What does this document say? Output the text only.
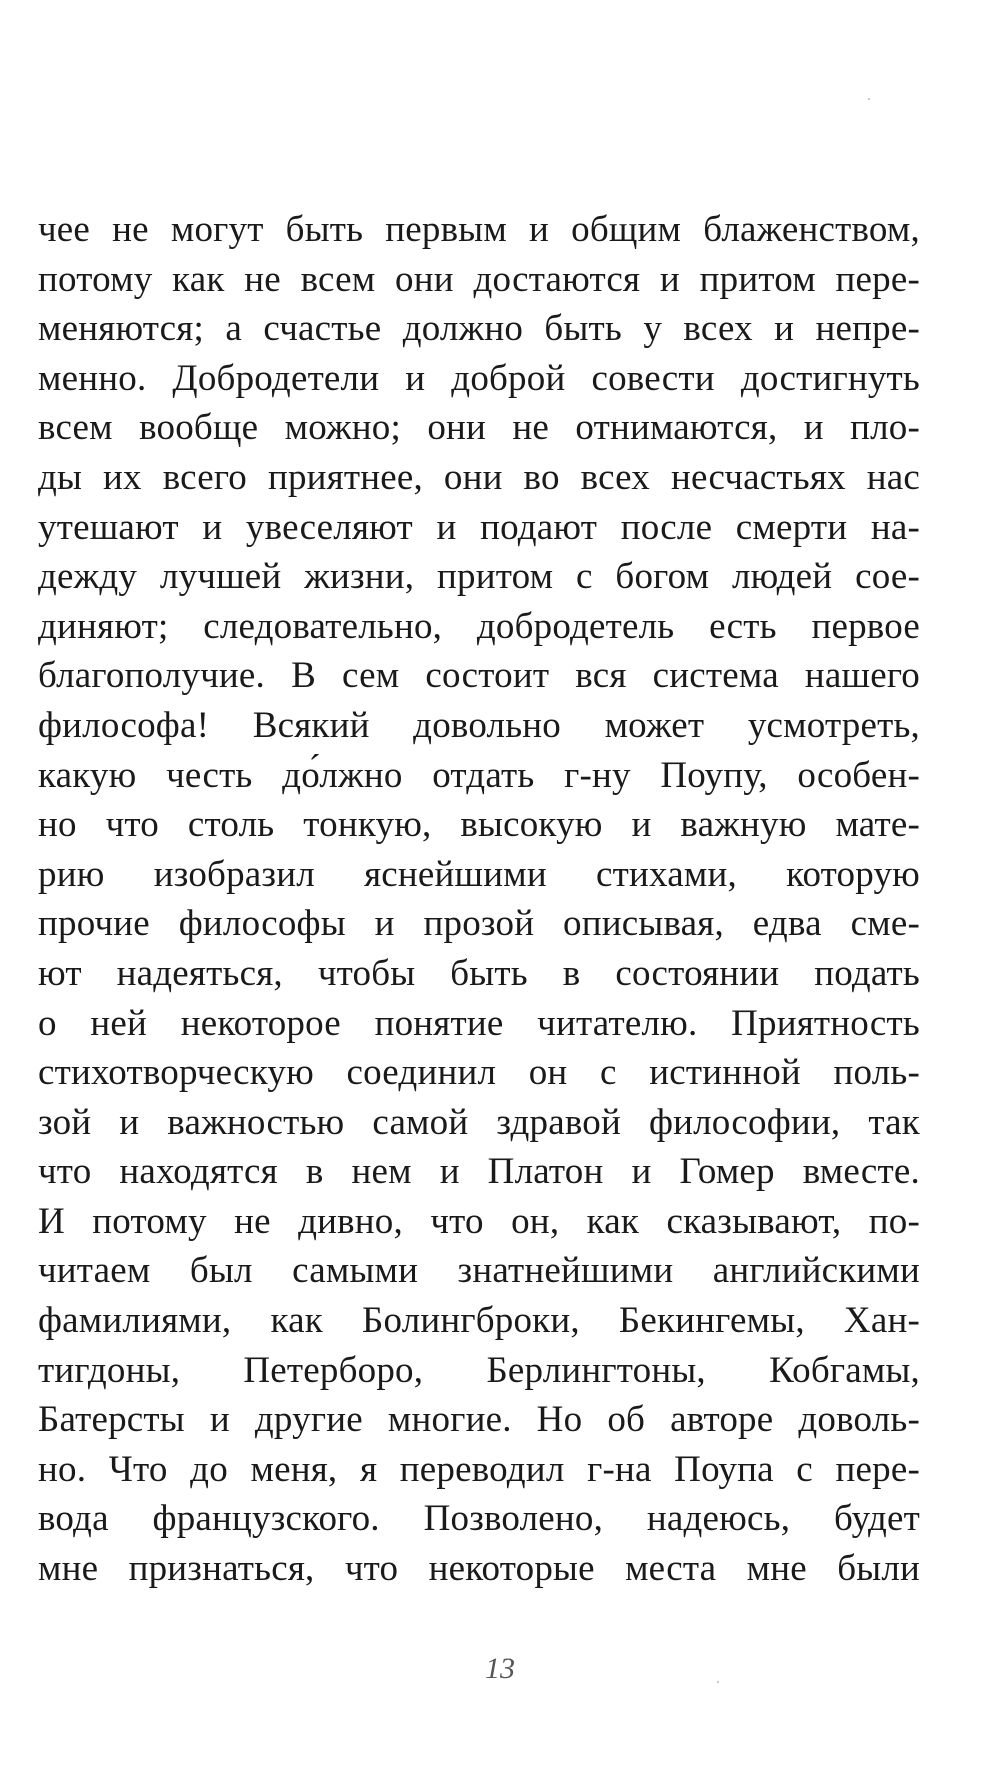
чее не могут быть первым и общим блаженством,
потому как не всем они достаются и притом пере-
меняются; а счастье должно быть у всех и непре-
менно. Добродетели и доброй совести достигнуть
всем вообще можно; они не отнимаются, и пло-
ды их всего приятнее, они во всех несчастьях нас
утешают и увеселяют и подают после смерти на-
дежду лучшей жизни, притом с богом людей сое-
диняют; следовательно, добродетель есть первое
благополучие. В сем состоит вся система нашего
философа! Всякий довольно может усмотреть,
какую честь до́лжно отдать г-ну Поупу, особен-
но что столь тонкую, высокую и важную мате-
рию изобразил яснейшими стихами, которую
прочие философы и прозой описывая, едва сме-
ют надеяться, чтобы быть в состоянии подать
о ней некоторое понятие читателю. Приятность
стихотворческую соединил он с истинной поль-
зой и важностью самой здравой философии, так
что находятся в нем и Платон и Гомер вместе.
И потому не дивно, что он, как сказывают, по-
читаем был самыми знатнейшими английскими
фамилиями, как Болингброки, Бекингемы, Хан-
тигдоны, Петерборо, Берлингтоны, Кобгамы,
Батерсты и другие многие. Но об авторе доволь-
но. Что до меня, я переводил г-на Поупа с пере-
вода французского. Позволено, надеюсь, будет
мне признаться, что некоторые места мне были
13
